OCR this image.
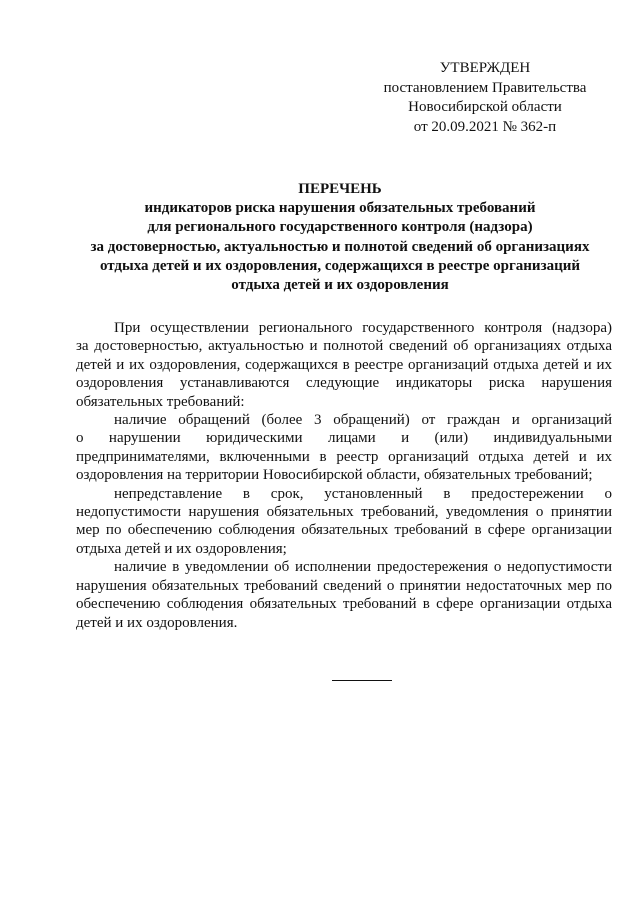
УТВЕРЖДЕН
постановлением Правительства
Новосибирской области
от 20.09.2021 № 362-п
ПЕРЕЧЕНЬ
индикаторов риска нарушения обязательных требований
для регионального государственного контроля (надзора)
за достоверностью, актуальностью и полнотой сведений об организациях
отдыха детей и их оздоровления, содержащихся в реестре организаций
отдыха детей и их оздоровления
При осуществлении регионального государственного контроля (надзора)
за достоверностью, актуальностью и полнотой сведений об организациях отдыха
детей и их оздоровления, содержащихся в реестре организаций отдыха детей и их
оздоровления устанавливаются следующие индикаторы риска нарушения
обязательных требований:
наличие обращений (более 3 обращений) от граждан и организаций
о нарушении юридическими лицами и (или) индивидуальными
предпринимателями, включенными в реестр организаций отдыха детей и их
оздоровления на территории Новосибирской области, обязательных требований;
непредставление в срок, установленный в предостережении о
недопустимости нарушения обязательных требований, уведомления о принятии
мер по обеспечению соблюдения обязательных требований в сфере организации
отдыха детей и их оздоровления;
наличие в уведомлении об исполнении предостережения о недопустимости
нарушения обязательных требований сведений о принятии недостаточных мер по
обеспечению соблюдения обязательных требований в сфере организации отдыха
детей и их оздоровления.
